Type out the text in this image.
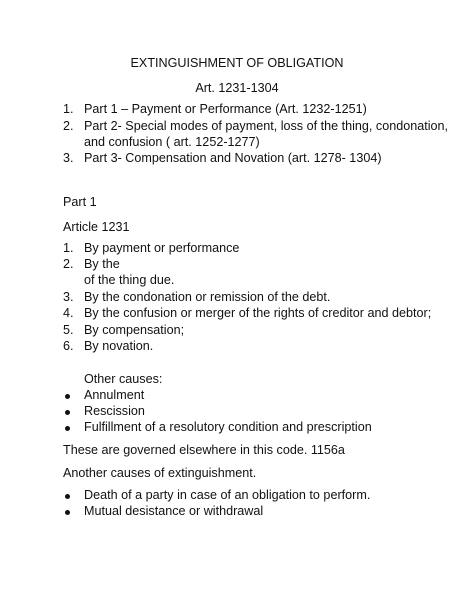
EXTINGUISHMENT OF OBLIGATION
Art. 1231-1304
1. Part 1 – Payment or Performance (Art. 1232-1251)
2. Part 2- Special modes of payment, loss of the thing, condonation,
and confusion ( art. 1252-1277)
3. Part 3- Compensation and Novation (art. 1278- 1304)
Part 1
Article 1231
1. By payment or performance
2. By the
of the thing due.
3. By the condonation or remission of the debt.
4. By the confusion or merger of the rights of creditor and debtor;
5. By compensation;
6. By novation.
Other causes:
Annulment
Rescission
Fulfillment of a resolutory condition and prescription
These are governed elsewhere in this code. 1156a
Another causes of extinguishment.
Death of a party in case of an obligation to perform.
Mutual desistance or withdrawal
